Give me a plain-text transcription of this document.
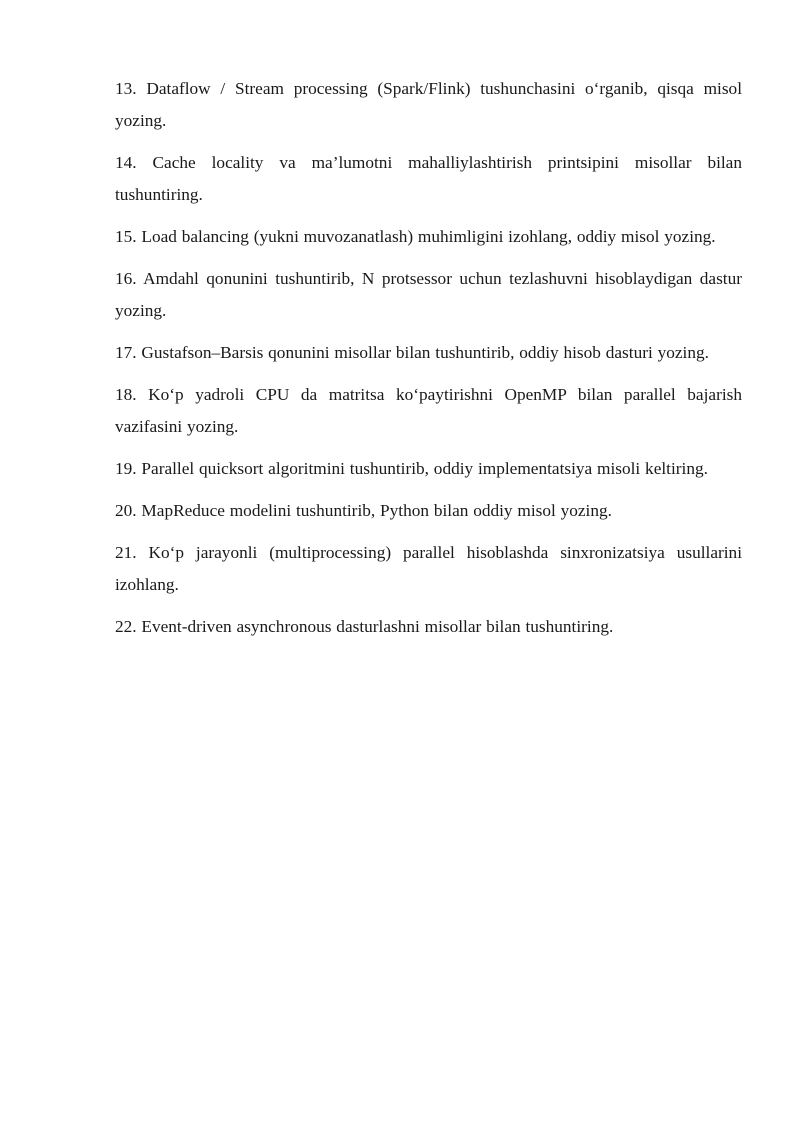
13. Dataflow / Stream processing (Spark/Flink) tushunchasini o‘rganib, qisqa misol yozing.

14. Cache locality va ma’lumotni mahalliylashtirish printsipini misollar bilan tushuntiring.

15. Load balancing (yukni muvozanatlash) muhimligini izohlang, oddiy misol yozing.

16. Amdahl qonunini tushuntirib, N protsessor uchun tezlashuvni hisoblaydigan dastur yozing.

17. Gustafson–Barsis qonunini misollar bilan tushuntirib, oddiy hisob dasturi yozing.

18. Ko‘p yadroli CPU da matritsa ko‘paytirishni OpenMP bilan parallel bajarish vazifasini yozing.

19. Parallel quicksort algoritmini tushuntirib, oddiy implementatsiya misoli keltiring.

20. MapReduce modelini tushuntirib, Python bilan oddiy misol yozing.

21. Ko‘p jarayonli (multiprocessing) parallel hisoblashda sinxronizatsiya usullarini izohlang.

22. Event-driven asynchronous dasturlashni misollar bilan tushuntiring.
